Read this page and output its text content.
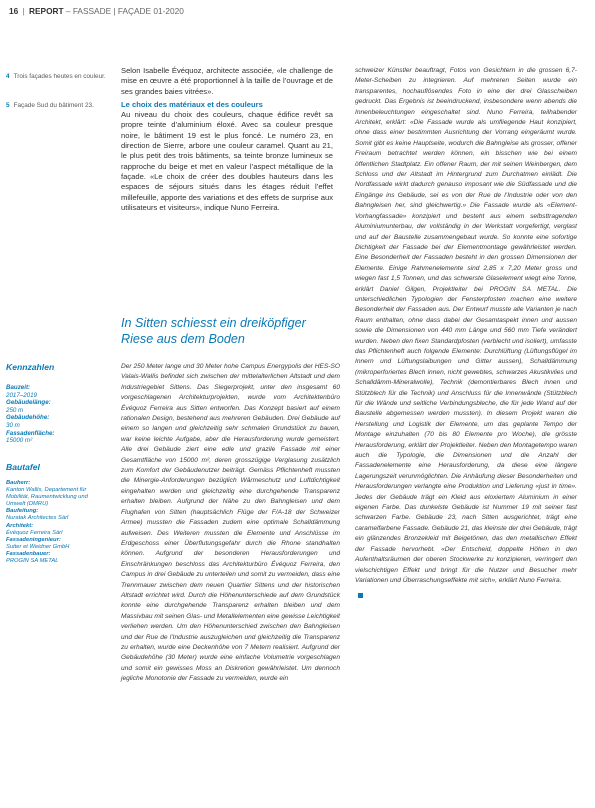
16 | REPORT – FASSADE | FAÇADE 01-2020
4 Trois façades heutes en couleur.
5 Façade Sud du bâtiment 23.

Selon Isabelle Évéquoz, architecte associée, «le challenge de mise en œuvre a été proportionnel à la taille de l’ouvrage et de ses grandes baies vitrées».

Le choix des matériaux et des couleurs

Au niveau du choix des couleurs, chaque édifice revêt sa propre teinte d’aluminium éloxé. Avec sa couleur presque noire, le bâtiment 19 est le plus foncé. Le numéro 23, en direction de Sierre, arbore une couleur caramel. Quant au 21, le plus petit des trois bâtiments, sa teinte bronze lumineux se rapproche du beige et met en valeur l’aspect métallique de la façade. «Le choix de créer des doubles hauteurs dans les espaces de séjours situés dans les étages réduit l’effet millefeuille, apporte des variations et des effets de surprise aux utilisateurs et visiteurs», indique Nuno Ferreira.

In Sitten schiesst ein dreiköpfiger Riese aus dem Boden
Kennzahlen
Bauzeit:
2017–2019
Gebäudelänge:
250 m
Gebäudehöhe:
30 m
Fassadenfläche:
15000 m²
Bautafel
Bauherr:
Kanton Wallis, Departement für Mobilität, Raumentwicklung und Umwelt (DMRU)
Baufeitung:
Nuratak Architectes Sàrl
Architekt:
Évéquoz Ferreira Sàrl
Fassadeningenieur:
Sutter et Weidner GmbH
Fassadenbauer:
PROGIN SA METAL

Der 250 Meter lange und 30 Meter hohe Campus Energypolis der HES-SO Valais-Wallis befindet sich zwischen der mittelalterlichen Altstadt und dem Industriegebiet Sittens. Das Siegerprojekt, unter den insgesamt 60 vorgeschlagenen Architekturprojekten, wurde vom Architektenbüro Évéquoz Ferreira aus Sitten entworfen. Das Konzept basiert auf einem rationalen Design, bestehend aus mehreren Gebäuden. Drei Gebäude auf einem so langen und gleichzeitig sehr schmalen Grundstück zu bauen, war keine leichte Aufgabe, aber die Herausforderung wurde gemeistert. Alle drei Gebäude ziert eine edle und grazile Fassade mit einer Gesamtfläche von 15000 m², deren grosszügige Verglasung zusätzlich zum Komfort der Gebäudenutzer beiträgt. Gemäss Pflichtenheft mussten die Minergie-Anforderungen bezüglich Wärmeschutz und Luftdichtigkeit eingehalten werden und gleichzeitig eine durchgehende Transparenz erhalten bleiben. Aufgrund der Nähe zu den Bahngleisen und dem Flughafen von Sitten (hauptsächlich Flüge der F/A-18 der Schweizer Armee) mussten die Fassaden zudem eine optimale Schalldämmung aufweisen. Des Weiteren mussten die Elemente und Anschlüsse im Erdgeschoss einer Überflutungsgefahr durch die Rhone standhalten können. Aufgrund der besonderen Herausforderungen und Einschränkungen beschloss das Architekturbüro Évéquoz Ferreira, den Campus in drei Gebäude zu unterteilen und somit zu vermeiden, dass eine Trennmauer zwischen dem neuen Quartier Sittens und der historischen Altstadt errichtet wird. Durch die Höhenunterschiede auf dem Grundstück konnte eine durchgehende Transparenz erhalten bleiben und dem Massivbau mit seinen Glas- und Metallelementen eine gewisse Leichtigkeit verliehen werden. Um den Höhenunterschied zwischen den Bahngleisen und der Rue de l’Industrie auszugleichen und gleichzeitig die Transparenz zu erhalten, wurde eine Deckenhöhe von 7 Metern realisiert. Aufgrund der Gebäudehöhe (30 Meter) wurde eine einfache Volumetrie vorgeschlagen und somit ein gewisses Moss an Diskretion gewährleistet. Um dennoch jegliche Monotonie der Fassade zu vermeiden, wurde ein

schweizer Künstler beauftragt, Fotos von Gesichtern in die grossen 6,7-Meter-Scheiben zu integrieren. Auf mehreren Seiten wurde ein transparentes, hochauflösendes Foto in eine der drei Glasscheiben gedruckt. Das Ergebnis ist beeindruckend, insbesondere wenn abends die Innenbeleuchtungen eingeschaltet sind. Nuno Ferreira, teilhabender Architekt, erklärt: «Die Fassade wurde als umfliegende Haut konzipiert, ohne dass einer bestimmten Ausrichtung der Vorrang eingeräumt wurde. Somit gibt es keine Hauptseite, wodurch die Bahngleise als grosser, offener Freiraum betrachtet werden können, ein bisschen wie bei einem öffentlichen Stadtplatz. Ein offener Raum, der mit seinen Weinbergen, dem Schloss und der Altstadt im Hintergrund zum Durchatmen einlädt. Die Nordfassade wirkt dadurch genauso imposant wie die Südfassade und die Eingänge ins Gebäude, sei es von der Rue de l’Industrie oder von den Bahngleisen her, sind gleichwertig.» Die Fassade wurde als «Element-Vorhangfassade» konzipiert und besteht aus einem selbsttragenden Aluminiumunterbau, der vollständig in der Werkstatt vorgefertigt, verglast und auf der Baustelle zusammengebaut wurde. So konnte eine sofortige Dichtigkeit der Fassade bei der Elementmontage gewährleistet werden. Eine Besonderheit der Fassaden besteht in den grossen Dimensionen der Elemente. Einige Rahmenelemente sind 2,85 x 7,20 Meter gross und wiegen fast 1,5 Tonnen, und das schwerste Glaselement wiegt eine Tonne, erklärt Daniel Gilgen, Projektleiter bei PROGIN SA METAL. Die unterschiedlichen Typologien der Fensterpfosten machen eine weitere Besonderheit der Fassaden aus. Der Entwurf musste alle Varianten je nach Raum enthalten, ohne dass dabei der Gesamtaspekt innen und aussen sowie die Dimensionen von 440 mm Länge und 560 mm Tiefe verändert wurden. Neben den fixen Standardpfosten (verblecht und isoliert), umfasste das Pflichtenheft auch folgende Elemente: Durchlüftung (Lüftungsflügel im Innern und Lüftungslaibungen und Gitter aussen), Schalldämmung (mikroperforiertes Blech innen, nicht gewebtes, schwarzes Akustikvlies und Schalldämm-Mineralwolle), Technik (demontierbares Blech innen und Stützblech für die Technik) und Anschluss für die Innenwände (Stützblech für die Wände und seitliche Verbindungsbleche, die für jede Wand auf der Baustelle abgemessen werden mussten). In diesem Projekt waren die Herstellung und Logistik der Elemente, um das geplante Tempo der Montage einzuhalten (70 bis 80 Elemente pro Woche), die grösste Herausforderung, erklärt der Projektleiter. Neben den Montagetempo waren auch die Typologie, die Dimensionen und die Anzahl der Fassadenelemente eine Herausforderung, da diese eine längere Lagerungszeit verunmöglichten. Die Anhäufung dieser Besonderheiten und Herausforderungen verlangte eine Produktion und Lieferung «just in time». Jedes der Gebäude trägt ein Kleid aus eloxiertem Aluminium in einer eigenen Farbe. Das dunkelste Gebäude ist Nummer 19 mit seiner fast schwarzen Farbe. Gebäude 23, nach Sitten ausgerichtet, trägt eine caramelfarbene Fassade. Gebäude 21, das kleinste der drei Gebäude, trägt ein glänzendes Bronzekleid mit Beigetönen, das den metallischen Effekt der Fassade hervorhebt. «Der Entscheid, doppelte Höhen in den Aufenthaltsräumen der oberen Stockwerke zu konzipieren, verringert den vielschichtigen Effekt und bringt für die Nutzer und Besucher mehr Variationen und Überraschungseffekte mit sich», erklärt Nuno Ferreira.
